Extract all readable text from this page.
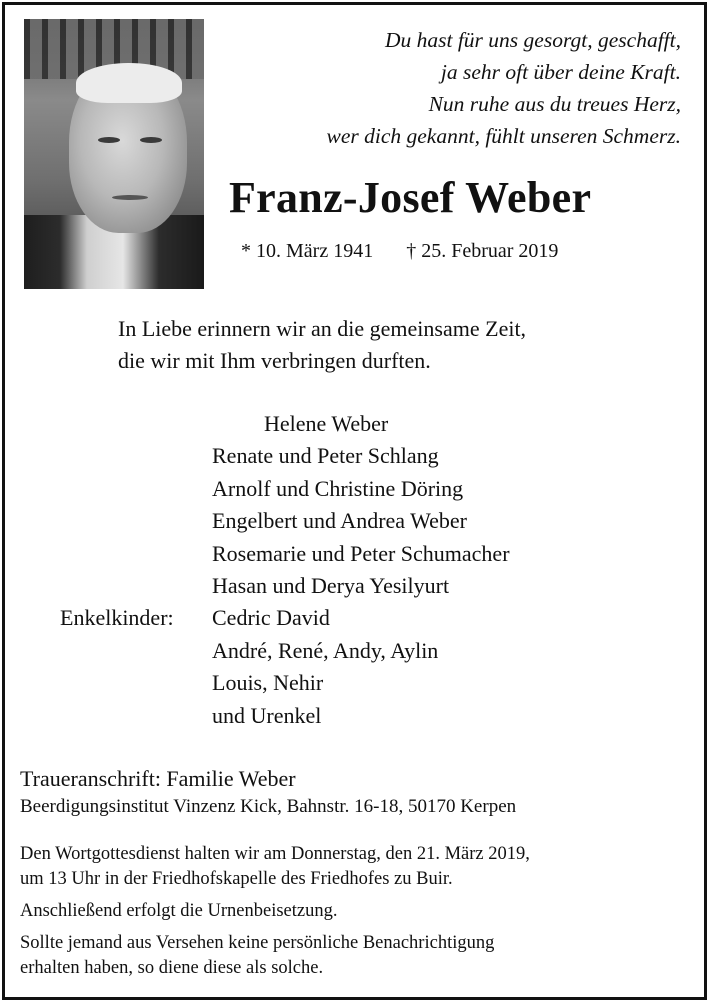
Du hast für uns gesorgt, geschafft,
ja sehr oft über deine Kraft.
Nun ruhe aus du treues Herz,
wer dich gekannt, fühlt unseren Schmerz.
Franz-Josef Weber
* 10. März 1941 † 25. Februar 2019
In Liebe erinnern wir an die gemeinsame Zeit,
die wir mit Ihm verbringen durften.
Helene Weber
Renate und Peter Schlang
Arnolf und Christine Döring
Engelbert und Andrea Weber
Rosemarie und Peter Schumacher
Hasan und Derya Yesilyurt
Enkelkinder:	Cedric David
André, René, Andy, Aylin
Louis, Nehir
und Urenkel
Traueranschrift: Familie Weber
Beerdigungsinstitut Vinzenz Kick, Bahnstr. 16-18, 50170 Kerpen

Den Wortgottesdienst halten wir am Donnerstag, den 21. März 2019,
um 13 Uhr in der Friedhofskapelle des Friedhofes zu Buir.

Anschließend erfolgt die Urnenbeisetzung.

Sollte jemand aus Versehen keine persönliche Benachrichtigung
erhalten haben, so diene diese als solche.
